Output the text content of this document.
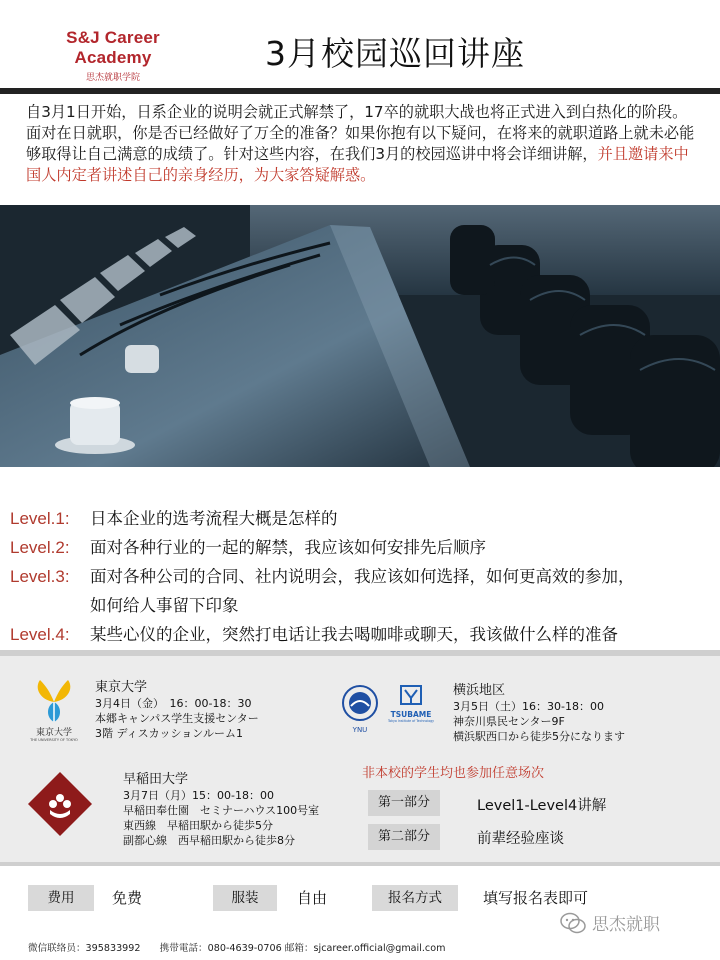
S&J Career Academy
思杰就职学院
3月校园巡回讲座
自3月1日开始，日系企业的说明会就正式解禁了，17卒的就职大战也将正式进入到白热化的阶段。面对在日就职，你是否已经做好了万全的准备？如果你抱有以下疑问，在将来的就职道路上就未必能够取得让自己满意的成绩了。针对这些内容，在我们3月的校园巡讲中将会详细讲解，并且邀请来中国人内定者讲述自己的亲身经历，为大家答疑解惑。
Level.1:	日本企业的选考流程大概是怎样的
Level.2:	面对各种行业的一起的解禁，我应该如何安排先后顺序
Level.3:	面对各种公司的合同、社内说明会，我应该如何选择，如何更高效的参加，
如何给人事留下印象
Level.4:	某些心仪的企业，突然打电话让我去喝咖啡或聊天，我该做什么样的准备
東京大学
THE UNIVERSITY OF TOKYO
東京大学
3月4日（金）　16：00-18：30
本郷キャンパス学生支援センター
3階 ディスカッションルーム1	YNU
TSUBAME
Tokyo Institute of Technology
横浜地区
3月5日（土）16：30-18：00
神奈川県民センター9F
横浜駅西口から徒歩5分になります
早稲田大学
3月7日（月）15：00-18：00
早稲田奉仕園　セミナーハウス100号室
東西線　早稲田駅から徒歩5分
副都心線　西早稲田駅から徒歩8分
非本校的学生均也参加任意场次
第一部分	Level1-Level4讲解
第二部分	前辈经验座谈
费用	免费	服装	自由	报名方式	填写报名表即可
思杰就职
微信联络员：395833992　　携带電話：080-4639-0706 邮箱：sjcareer.official@gmail.com
